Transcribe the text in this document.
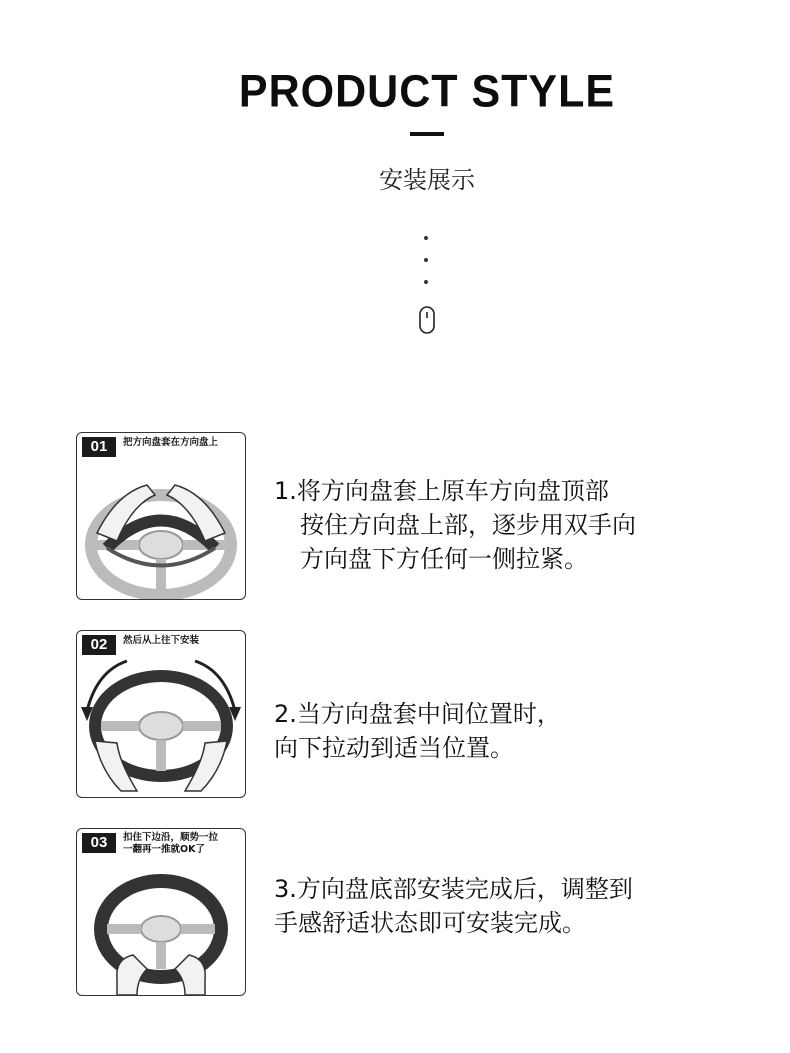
PRODUCT STYLE
安装展示
01	把方向盘套在方向盘上
1.将方向盘套上原车方向盘顶部
按住方向盘上部，逐步用双手向
方向盘下方任何一侧拉紧。
02	然后从上往下安装
2.当方向盘套中间位置时，
向下拉动到适当位置。
03	扣住下边沿，顺势一拉
一翻再一推就OK了
3.方向盘底部安装完成后，调整到
手感舒适状态即可安装完成。
